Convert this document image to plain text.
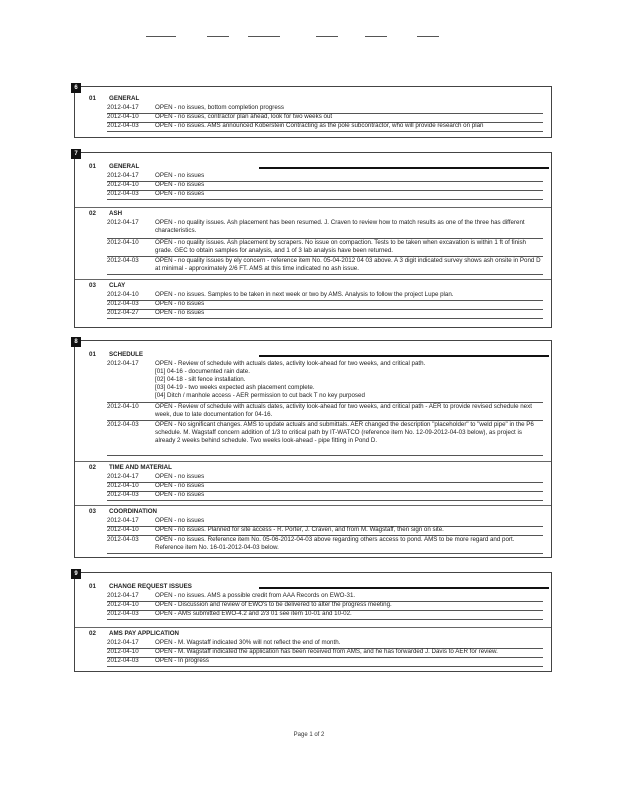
6
01 GENERAL
2012-04-17	OPEN - no issues, bottom completion progress
2012-04-10	OPEN - no issues, contractor plan ahead, look for two weeks out
2012-04-03	OPEN - no issues. AMS announced Koberstein Contracting as the pole subcontractor, who will provide research on plan
7
01 GENERAL
2012-04-17	OPEN - no issues
2012-04-10	OPEN - no issues
2012-04-03	OPEN - no issues
02 ASH
2012-04-17	OPEN - no quality issues. Ash placement has been resumed. J. Craven to review how to match results as one of the three has different characteristics.
2012-04-10	OPEN - no quality issues. Ash placement by scrapers. No issue on compaction. Tests to be taken when excavation is within 1 ft of finish grade. GEC to obtain samples for analysis, and 1 of 3 lab analysis have been returned.
2012-04-03	OPEN - no quality issues by ely concern - reference item No. 05-04-2012 04 03 above. A 3 digit indicated survey shows ash onsite in Pond D at minimal - approximately 2/6 FT. AMS at this time indicated no ash issue.
03 CLAY
2012-04-10	OPEN - no issues. Samples to be taken in next week or two by AMS. Analysis to follow the project Lupe plan.
2012-04-03	OPEN - no issues
2012-04-27	OPEN - no issues
8
01 SCHEDULE
2012-04-17	OPEN - Review of schedule with actuals dates, activity look-ahead for two weeks, and critical path.
[01] 04-16 - documented rain date.
[02] 04-18 - silt fence installation.
[03] 04-19 - two weeks expected ash placement complete.
[04] Ditch / manhole access - AER permission to cut back T no key purposed
2012-04-10	OPEN - Review of schedule with actuals dates, activity look-ahead for two weeks, and critical path - AER to provide revised schedule next week, due to late documentation for 04-16.
2012-04-03	OPEN - No significant changes. AMS to update actuals and submittals. AER changed the description "placeholder" to "weld pipe" in the P6 schedule. M. Wagstaff concern addition of 1/3 to critical path by IT-WATCO (reference item No. 12-09-2012-04-03 below), as project is already 2 weeks behind schedule. Two weeks look-ahead - pipe fitting in Pond D.
02 TIME AND MATERIAL
2012-04-17	OPEN - no issues
2012-04-10	OPEN - no issues
2012-04-03	OPEN - no issues
03 COORDINATION
2012-04-17	OPEN - no issues
2012-04-10	OPEN - no issues. Planned for site access - R. Porter, J. Craven, and from M. Wagstaff, then sign on site.
2012-04-03	OPEN - no issues. Reference item No. 05-06-2012-04-03 above regarding others access to pond. AMS to be more regard and port. Reference item No. 16-01-2012-04-03 below.
9
01 CHANGE REQUEST ISSUES
2012-04-17	OPEN - no issues. AMS a possible credit from AAA Records on EWO-31.
2012-04-10	OPEN - Discussion and review of EWO's to be delivered to alter the progress meeting.
2012-04-03	OPEN - AMS submitted EWO-4.2 and 2/3 01 see item 10-01 and 10-02.
02 AMS PAY APPLICATION
2012-04-17	OPEN - M. Wagstaff indicated 30% will not reflect the end of month.
2012-04-10	OPEN - M. Wagstaff indicated the application has been received from AMS, and he has forwarded J. Davis to AER for review.
2012-04-03	OPEN - In progress
Page 1 of 2
